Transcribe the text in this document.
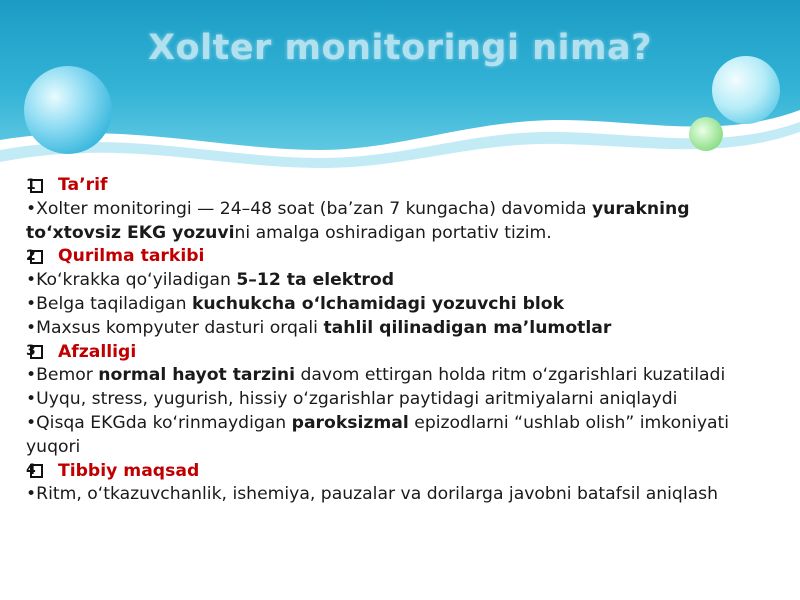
Xolter monitoringi nima?
1 Ta’rif
•Xolter monitoringi — 24–48 soat (ba’zan 7 kungacha) davomida yurakning
to‘xtovsiz EKG yozuvini amalga oshiradigan portativ tizim.
2 Qurilma tarkibi
•Ko‘krakka qo‘yiladigan 5–12 ta elektrod
•Belga taqiladigan kuchukcha o‘lchamidagi yozuvchi blok
•Maxsus kompyuter dasturi orqali tahlil qilinadigan ma’lumotlar
3 Afzalligi
•Bemor normal hayot tarzini davom ettirgan holda ritm o‘zgarishlari kuzatiladi
•Uyqu, stress, yugurish, hissiy o‘zgarishlar paytidagi aritmiyalarni aniqlaydi
•Qisqa EKGda ko‘rinmaydigan paroksizmal epizodlarni “ushlab olish” imkoniyati
yuqori
4 Tibbiy maqsad
•Ritm, o‘tkazuvchanlik, ishemiya, pauzalar va dorilarga javobni batafsil aniqlash
